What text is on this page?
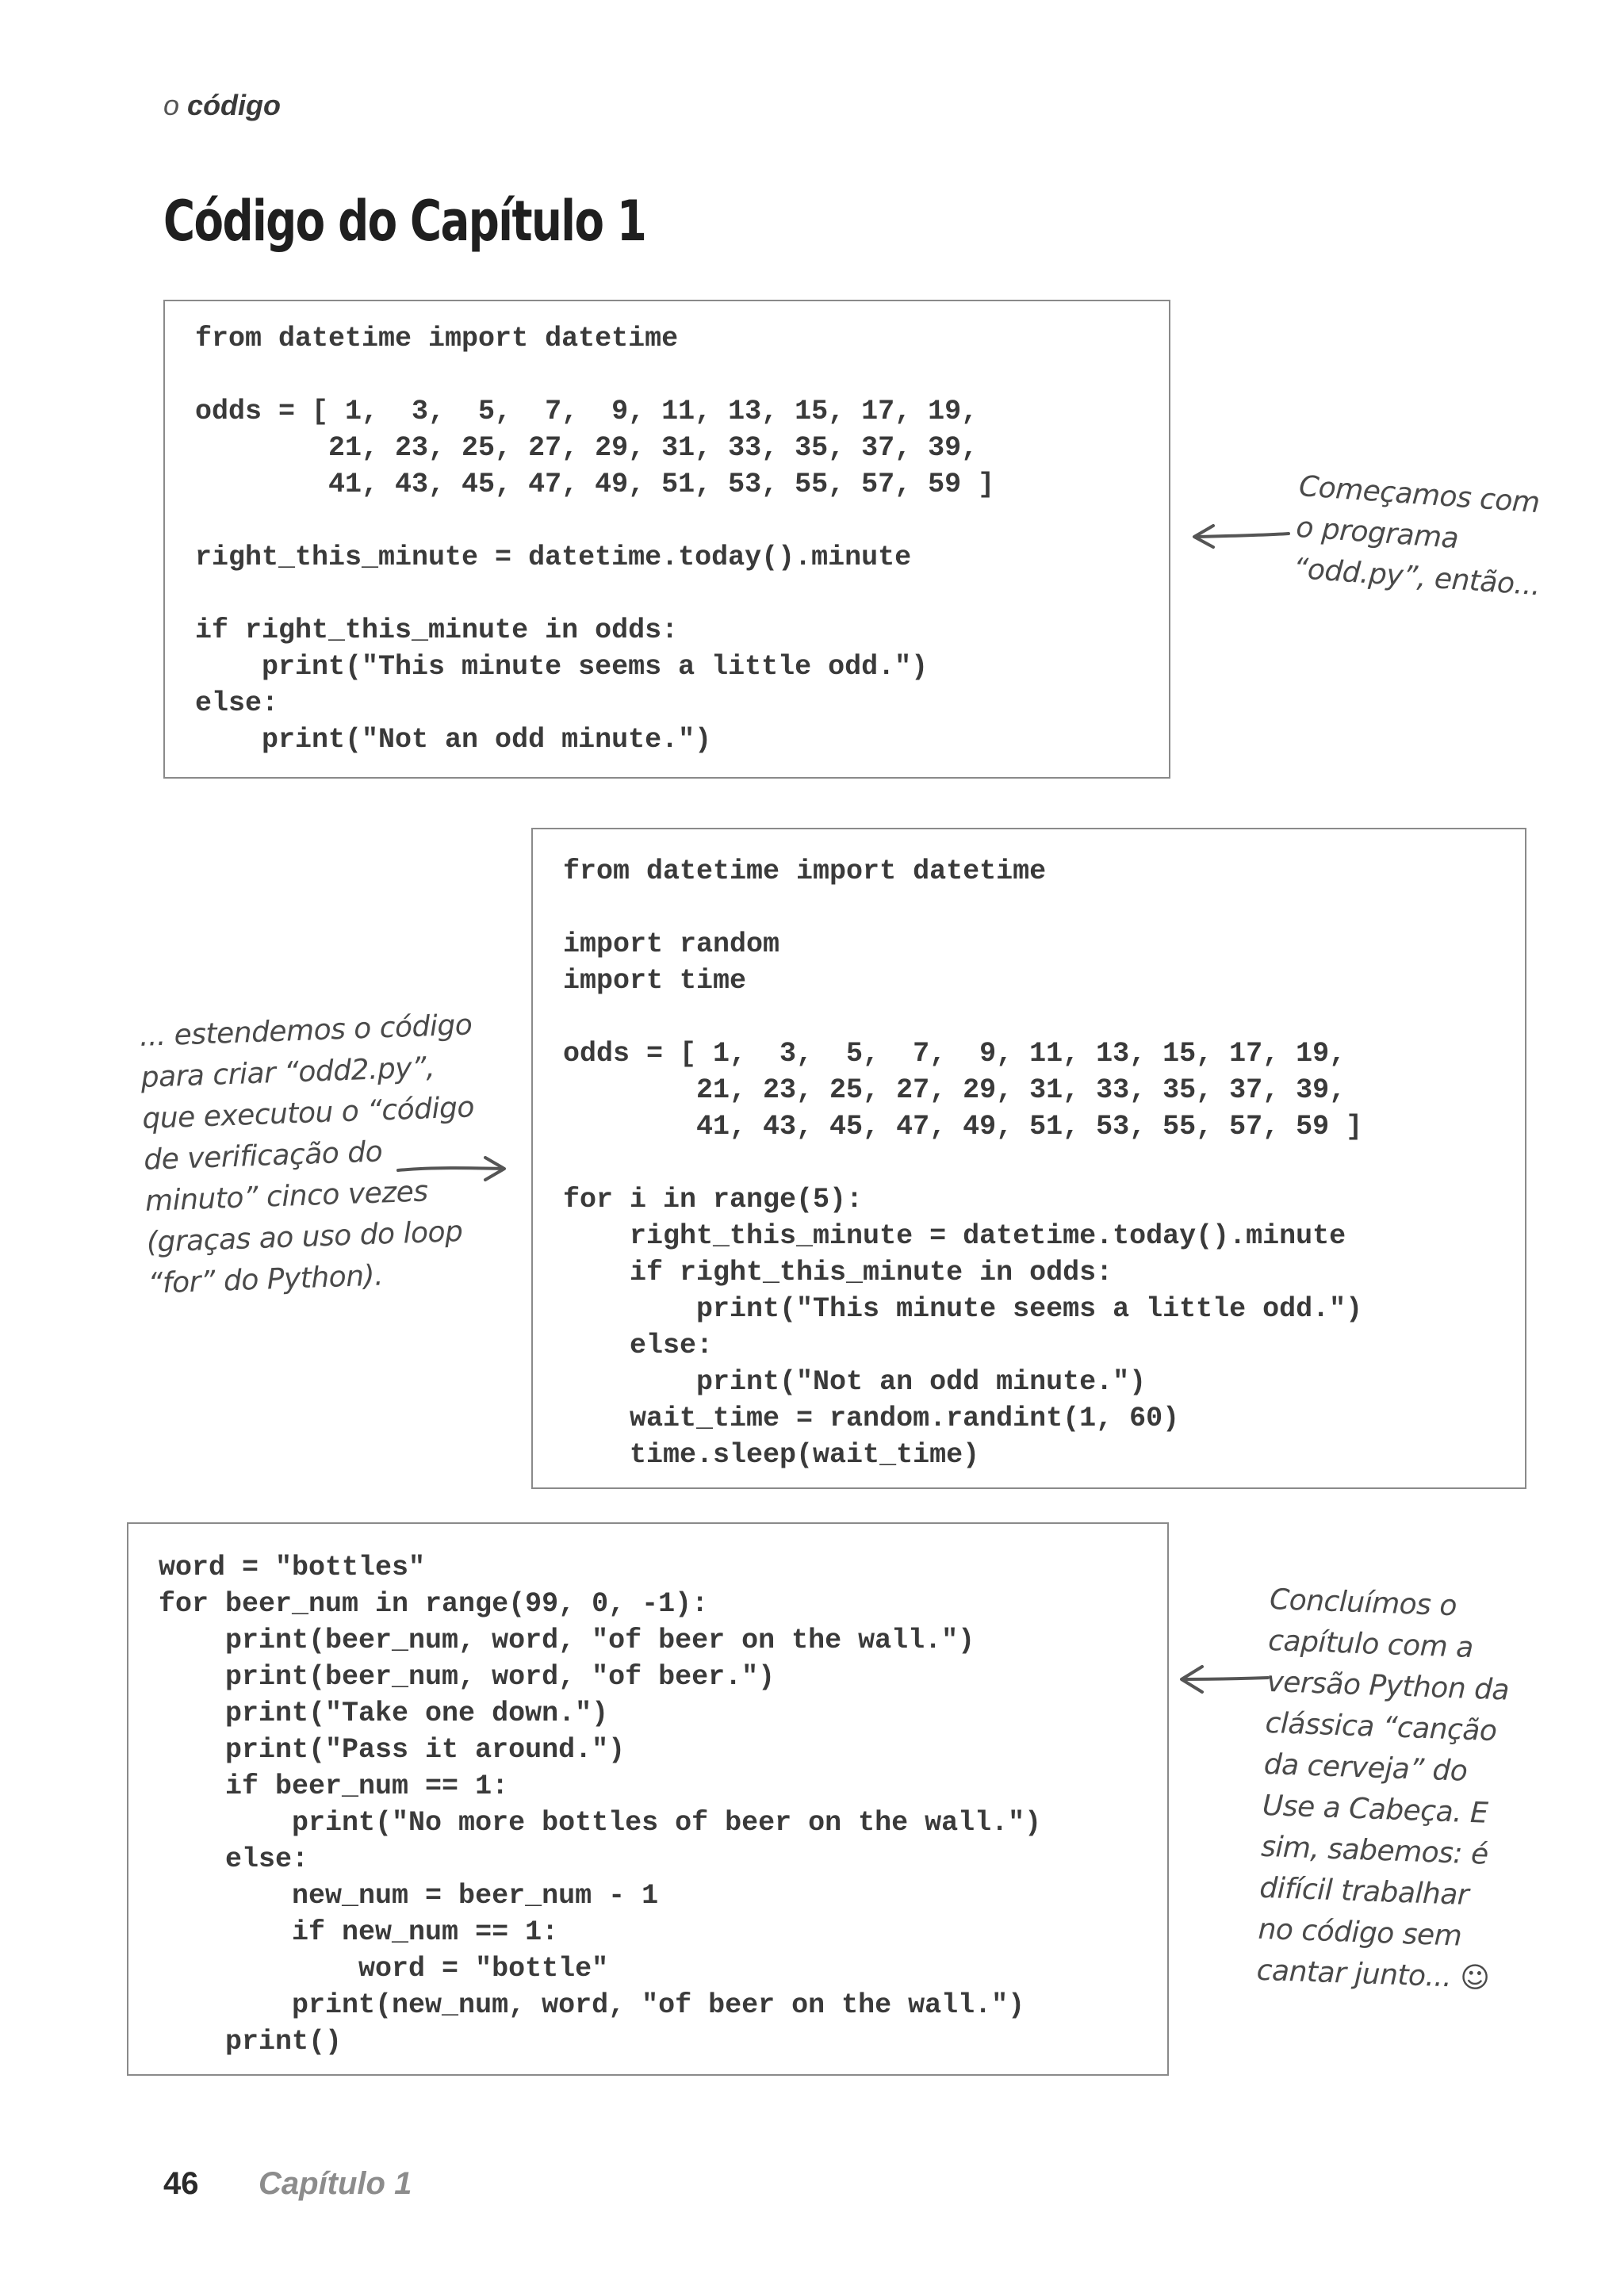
o código
Código do Capítulo 1
from datetime import datetime

odds = [ 1,  3,  5,  7,  9, 11, 13, 15, 17, 19,
21, 23, 25, 27, 29, 31, 33, 35, 37, 39,
41, 43, 45, 47, 49, 51, 53, 55, 57, 59 ]

right_this_minute = datetime.today().minute

if right_this_minute in odds:
print("This minute seems a little odd.")
else:
print("Not an odd minute.")
from datetime import datetime

import random
import time

odds = [ 1,  3,  5,  7,  9, 11, 13, 15, 17, 19,
21, 23, 25, 27, 29, 31, 33, 35, 37, 39,
41, 43, 45, 47, 49, 51, 53, 55, 57, 59 ]

for i in range(5):
right_this_minute = datetime.today().minute
if right_this_minute in odds:
print("This minute seems a little odd.")
else:
print("Not an odd minute.")
wait_time = random.randint(1, 60)
time.sleep(wait_time)
word = "bottles"
for beer_num in range(99, 0, -1):
print(beer_num, word, "of beer on the wall.")
print(beer_num, word, "of beer.")
print("Take one down.")
print("Pass it around.")
if beer_num == 1:
print("No more bottles of beer on the wall.")
else:
new_num = beer_num - 1
if new_num == 1:
word = "bottle"
print(new_num, word, "of beer on the wall.")
print()
Começamos com
o programa
“odd.py”, então...
... estendemos o código
para criar “odd2.py”,
que executou o “código
de verificação do
minuto” cinco vezes
(graças ao uso do loop
“for” do Python).
Concluímos o
capítulo com a
versão Python da
clássica “canção
da cerveja” do
Use a Cabeça. E
sim, sabemos: é
difícil trabalhar
no código sem
cantar junto... ☺
46 Capítulo 1
